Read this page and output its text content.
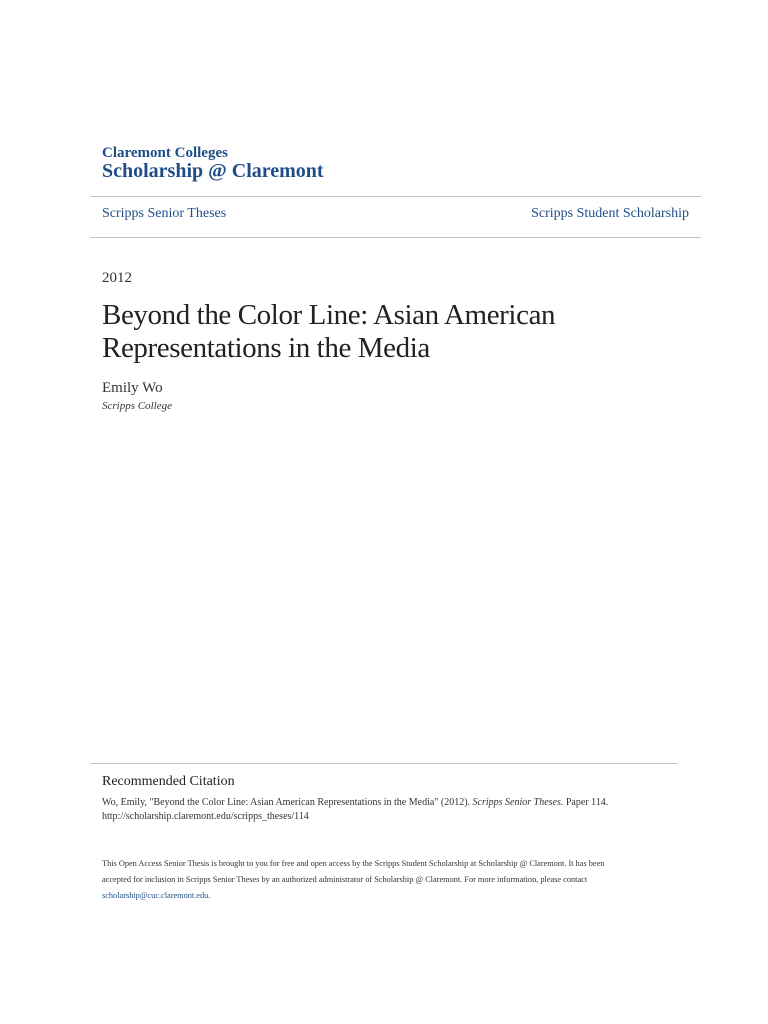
Claremont Colleges
Scholarship @ Claremont
Scripps Senior Theses	Scripps Student Scholarship
2012
Beyond the Color Line: Asian American
Representations in the Media
Emily Wo
Scripps College
Recommended Citation
Wo, Emily, "Beyond the Color Line: Asian American Representations in the Media" (2012). Scripps Senior Theses. Paper 114.
http://scholarship.claremont.edu/scripps_theses/114
This Open Access Senior Thesis is brought to you for free and open access by the Scripps Student Scholarship at Scholarship @ Claremont. It has been
accepted for inclusion in Scripps Senior Theses by an authorized administrator of Scholarship @ Claremont. For more information, please contact
scholarship@cuc.claremont.edu.
